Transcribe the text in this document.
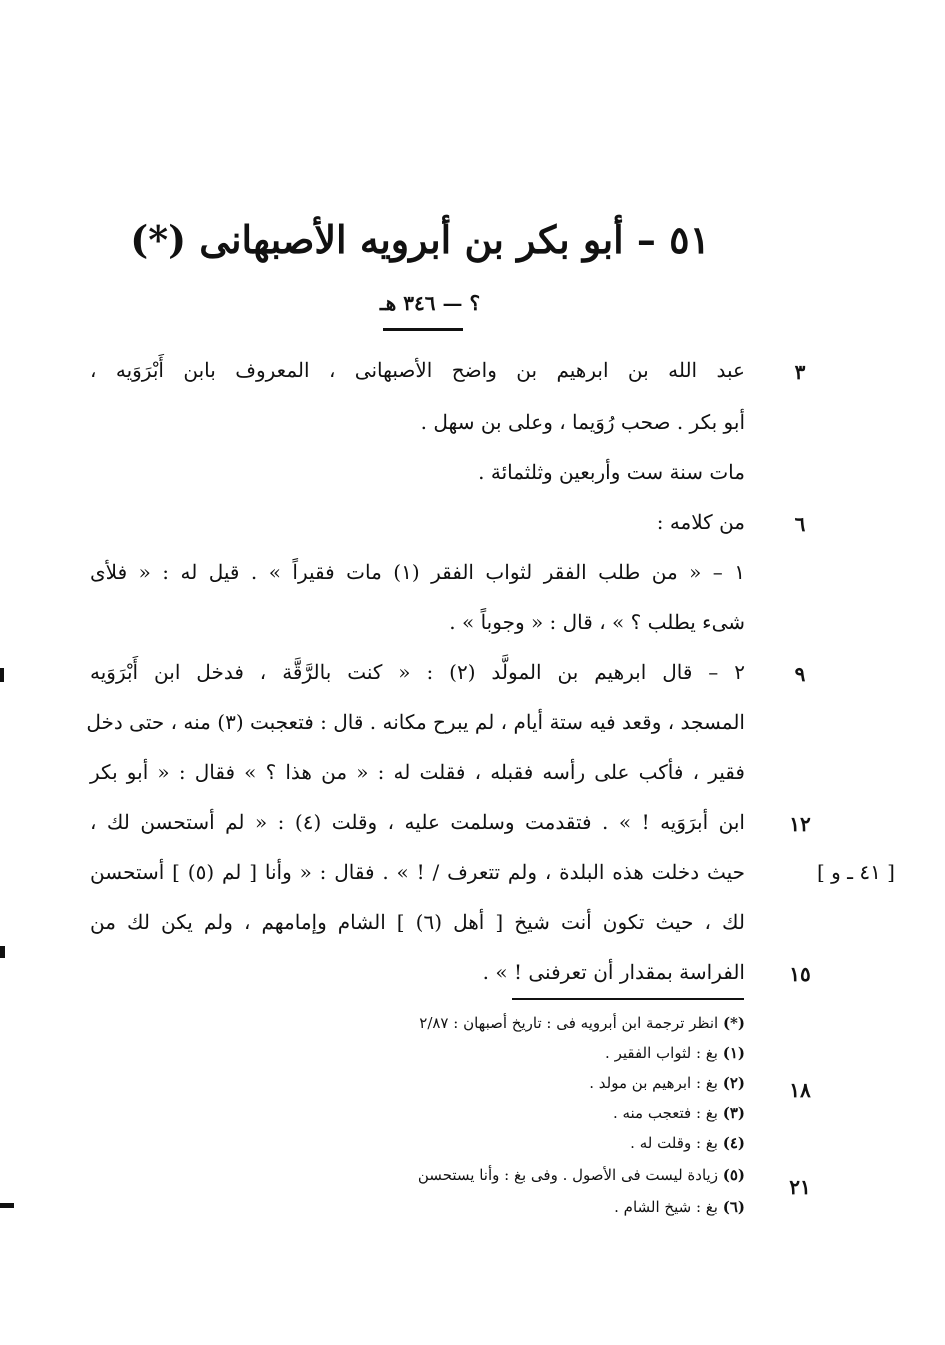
٥١ – أبو بكر بن أبرويه الأصبهانى (*)
؟ — ٣٤٦ هـ
عبد الله بن ابرهيم بن واضح الأصبهانى ، المعروف بابن أَبْرَوَيه ،
أبو بكر . صحب رُوَيما ، وعلى بن سهل .
مات سنة ست وأربعين وثلثمائة .
من كلامه :
١ – « من طلب الفقر لثواب الفقر (١) مات فقيراً » . قيل له : « فلأى
شىء يطلب ؟ » ، قال : « وجوباً » .
٢ – قال ابرهيم بن المولَّد (٢) : « كنت بالرَّقَّة ، فدخل ابن أَبْرَوَيه
المسجد ، وقعد فيه ستة أيام ، لم يبرح مكانه . قال : فتعجبت (٣) منه ، حتى دخل
فقير ، فأكب على رأسه فقبله ، فقلت له : « من هذا ؟ » فقال : « أبو بكر
ابن أبرَوَيه ! » . فتقدمت وسلمت عليه ، وقلت (٤) : « لم أستحسن لك ،
حيث دخلت هذه البلدة ، ولم تتعرف / ! » . فقال : « وأنا [ لم (٥) ] أستحسن
لك ، حيث تكون أنت شيخ [ أهل (٦) ] الشام وإمامهم ، ولم يكن لك من
الفراسة بمقدار أن تعرفنى ! » .
٣
٦
٩
١٢
١٥
١٨
٢١
[ ٤١ ـ و ]
(*) انظر ترجمة ابن أبرويه فى : تاريخ أصبهان : ٢/٨٧
(١) بغ : لثواب الفقير .
(٢) بغ : ابرهيم بن مولد .
(٣) بغ : فتعجب منه .
(٤) بغ : وقلت له .
(٥) زيادة ليست فى الأصول . وفى بغ : وأنا يستحسن
(٦) بغ : شيخ الشام .
